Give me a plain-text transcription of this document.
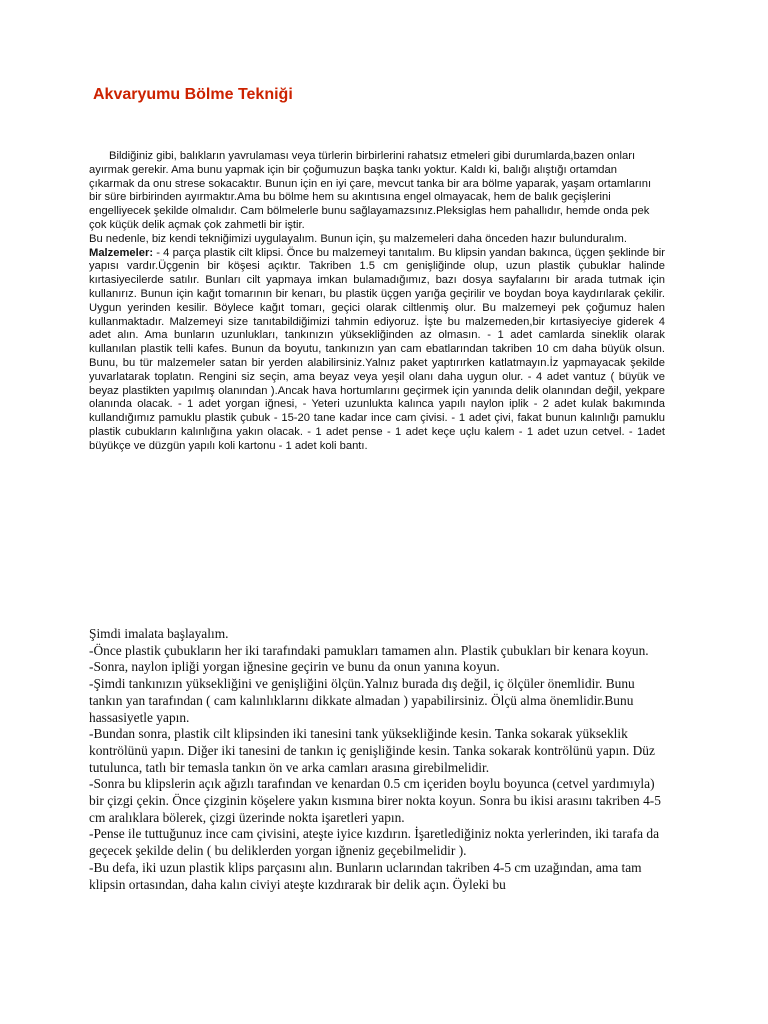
Akvaryumu Bölme Tekniği

Bildiğiniz gibi, balıkların yavrulaması veya türlerin birbirlerini rahatsız etmeleri gibi durumlarda,bazen onları ayırmak gerekir. Ama bunu yapmak için bir çoğumuzun başka tankı yoktur. Kaldı ki, balığı alıştığı ortamdan çıkarmak da onu strese sokacaktır. Bunun için en iyi çare, mevcut tanka bir ara bölme yaparak, yaşam ortamlarını bir süre birbirinden ayırmaktır.Ama bu bölme hem su akıntısına engel olmayacak, hem de balık geçişlerini engelliyecek şekilde olmalıdır. Cam bölmelerle bunu sağlayamazsınız.Pleksiglas hem pahallıdır, hemde onda pek çok küçük delik açmak çok zahmetli bir iştir.

Bu nedenle, biz kendi tekniğimizi uygulayalım. Bunun için, şu malzemeleri daha önceden hazır bulunduralım.

Malzemeler: - 4 parça plastik cilt klipsi. Önce bu malzemeyi tanıtalım. Bu klipsin yandan bakınca, üçgen şeklinde bir yapısı vardır.Üçgenin bir köşesi açıktır. Takriben 1.5 cm genişliğinde olup, uzun plastik çubuklar halinde kırtasiyecilerde satılır. Bunları cilt yapmaya imkan bulamadığımız, bazı dosya sayfalarını bir arada tutmak için kullanırız. Bunun için kağıt tomarının bir kenarı, bu plastik üçgen yarığa geçirilir ve boydan boya kaydırılarak çekilir. Uygun yerinden kesilir. Böylece kağıt tomarı, geçici olarak ciltlenmiş olur. Bu malzemeyi pek çoğumuz halen kullanmaktadır. Malzemeyi size tanıtabildiğimizi tahmin ediyoruz. İşte bu malzemeden,bir kırtasiyeciye giderek 4 adet alın. Ama bunların uzunlukları, tankınızın yüksekliğinden az olmasın. - 1 adet camlarda sineklik olarak kullanılan plastik telli kafes. Bunun da boyutu, tankınızın yan cam ebatlarından takriben 10 cm daha büyük olsun. Bunu, bu tür malzemeler satan bir yerden alabilirsiniz.Yalnız paket yaptırırken katlatmayın.İz yapmayacak şekilde yuvarlatarak toplatın. Rengini siz seçin, ama beyaz veya yeşil olanı daha uygun olur. - 4 adet vantuz ( büyük ve beyaz plastikten yapılmış olanından ).Ancak hava hortumlarını geçirmek için yanında delik olanından değil, yekpare olanında olacak. - 1 adet yorgan iğnesi, - Yeteri uzunlukta kalınca yapılı naylon iplik - 2 adet kulak bakımında kullandığımız pamuklu plastik çubuk - 15-20 tane kadar ince cam çivisi. - 1 adet çivi, fakat bunun kalınlığı pamuklu plastik cubukların kalınlığına yakın olacak. - 1 adet pense - 1 adet keçe uçlu kalem - 1 adet uzun cetvel. - 1adet büyükçe ve düzgün yapılı koli kartonu - 1 adet koli bantı.

Şimdi imalata başlayalım.

-Önce plastik çubukların her iki tarafındaki pamukları tamamen alın. Plastik çubukları bir kenara koyun.

-Sonra, naylon ipliği yorgan iğnesine geçirin ve bunu da onun yanına koyun.

-Şimdi tankınızın yüksekliğini ve genişliğini ölçün.Yalnız burada dış değil, iç ölçüler önemlidir. Bunu tankın yan tarafından ( cam kalınlıklarını dikkate almadan ) yapabilirsiniz. Ölçü alma önemlidir.Bunu hassasiyetle yapın.

-Bundan sonra, plastik cilt klipsinden iki tanesini tank yüksekliğinde kesin. Tanka sokarak yükseklik kontrölünü yapın. Diğer iki tanesini de tankın iç genişliğinde kesin. Tanka sokarak kontrölünü yapın. Düz tutulunca, tatlı bir temasla tankın ön ve arka camları arasına girebilmelidir.

-Sonra bu klipslerin açık ağızlı tarafından ve kenardan 0.5 cm içeriden boylu boyunca (cetvel yardımıyla) bir çizgi çekin. Önce çizginin köşelere yakın kısmına birer nokta koyun. Sonra bu ikisi arasını takriben 4-5 cm aralıklara bölerek, çizgi üzerinde nokta işaretleri yapın.

-Pense ile tuttuğunuz ince cam çivisini, ateşte iyice kızdırın. İşaretlediğiniz nokta yerlerinden, iki tarafa da geçecek şekilde delin ( bu deliklerden yorgan iğneniz geçebilmelidir ).

-Bu defa, iki uzun plastik klips parçasını alın. Bunların uclarından takriben 4-5 cm uzağından, ama tam klipsin ortasından, daha kalın civiyi ateşte kızdırarak bir delik açın. Öyleki bu
